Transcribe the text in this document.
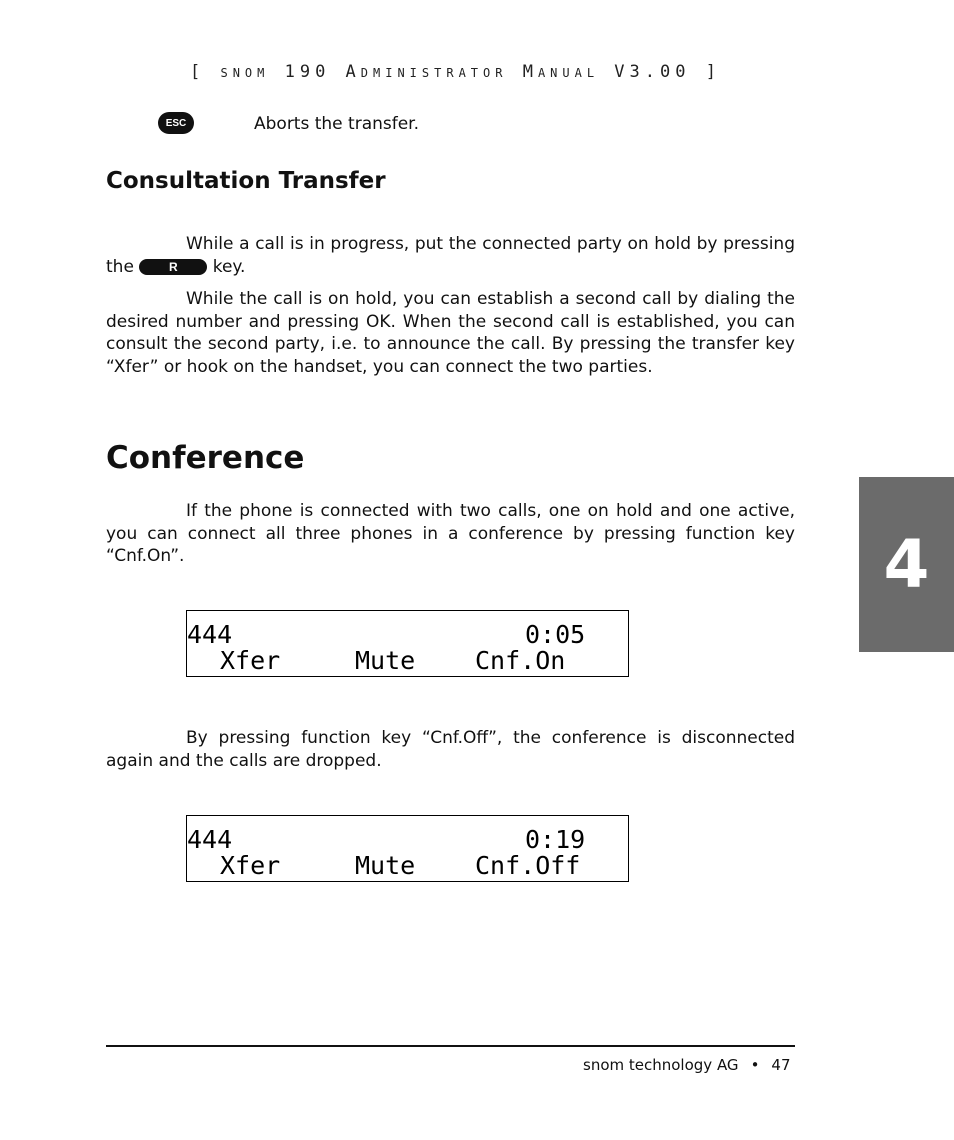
[ snom 190 Administrator Manual V3.00 ]
ESC	Aborts the transfer.
Consultation Transfer

While a call is in progress, put the connected party on hold by pressing the R key.

While the call is on hold, you can establish a second call by dialing the desired number and pressing OK. When the second call is established, you can consult the second party, i.e. to announce the call. By pressing the transfer key “Xfer” or hook on the handset, you can connect the two parties.

Conference

If the phone is connected with two calls, one on hold and one active, you can connect all three phones in a conference by pressing function key “Cnf.On”.

444	0:05
Xfer	Mute Cnf.On

By pressing function key “Cnf.Off”, the conference is disconnected again and the calls are dropped.

444	0:19
Xfer	Mute Cnf.Off
4
snom technology AG • 47
